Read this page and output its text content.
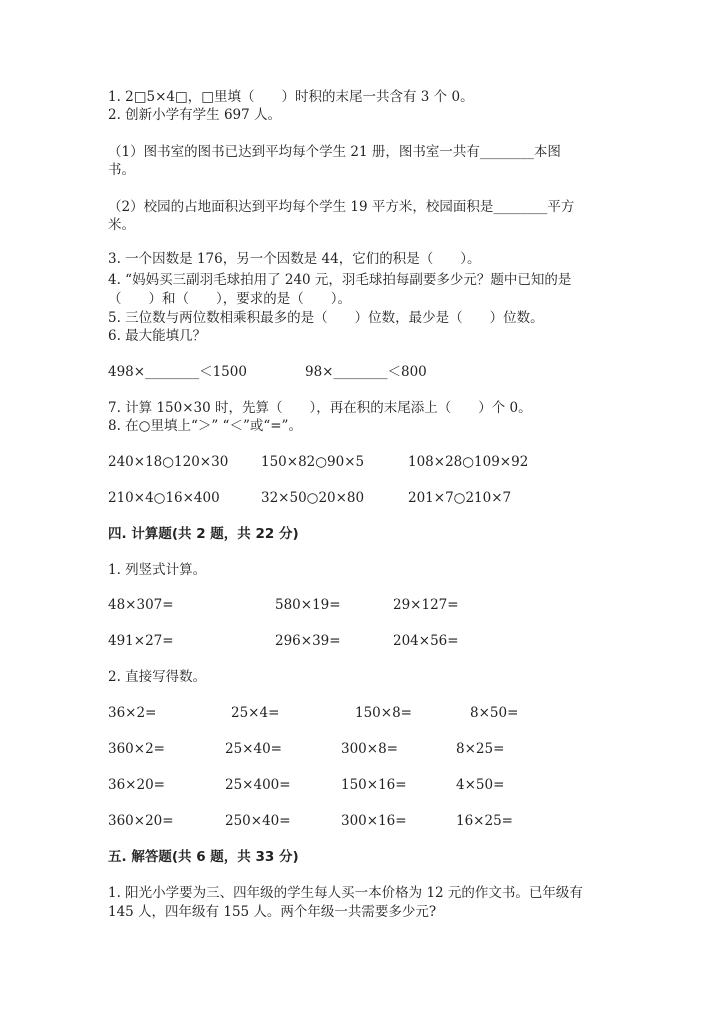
1. 2□5×4□，□里填（　　）时积的末尾一共含有 3 个 0。
2. 创新小学有学生 697 人。
（1）图书室的图书已达到平均每个学生 21 册，图书室一共有________本图
书。
（2）校园的占地面积达到平均每个学生 19 平方米，校园面积是________平方
米。
3. 一个因数是 176，另一个因数是 44，它们的积是（　　）。
4. “妈妈买三副羽毛球拍用了 240 元，羽毛球拍每副要多少元？题中已知的是
（　　）和（　　），要求的是（　　）。
5. 三位数与两位数相乘积最多的是（　　）位数，最少是（　　）位数。
6. 最大能填几？
498×________＜1500	98×________＜800
7. 计算 150×30 时，先算（　　），再在积的末尾添上（　　）个 0。
8. 在○里填上“＞” “＜”或“=”。
240×18○120×30 150×82○90×5	108×28○109×92
210×4○16×400	32×50○20×80	201×7○210×7
四. 计算题(共 2 题，共 22 分)
1. 列竖式计算。
48×307=	580×19=	29×127=
491×27=	296×39=	204×56=
2. 直接写得数。
36×2=	25×4=	150×8=	8×50=
360×2=	25×40=	300×8=	8×25=
36×20=	25×400=	150×16=	4×50=
360×20=	250×40=	300×16=	16×25=
五. 解答题(共 6 题，共 33 分)
1. 阳光小学要为三、四年级的学生每人买一本价格为 12 元的作文书。已年级有
145 人，四年级有 155 人。两个年级一共需要多少元?
